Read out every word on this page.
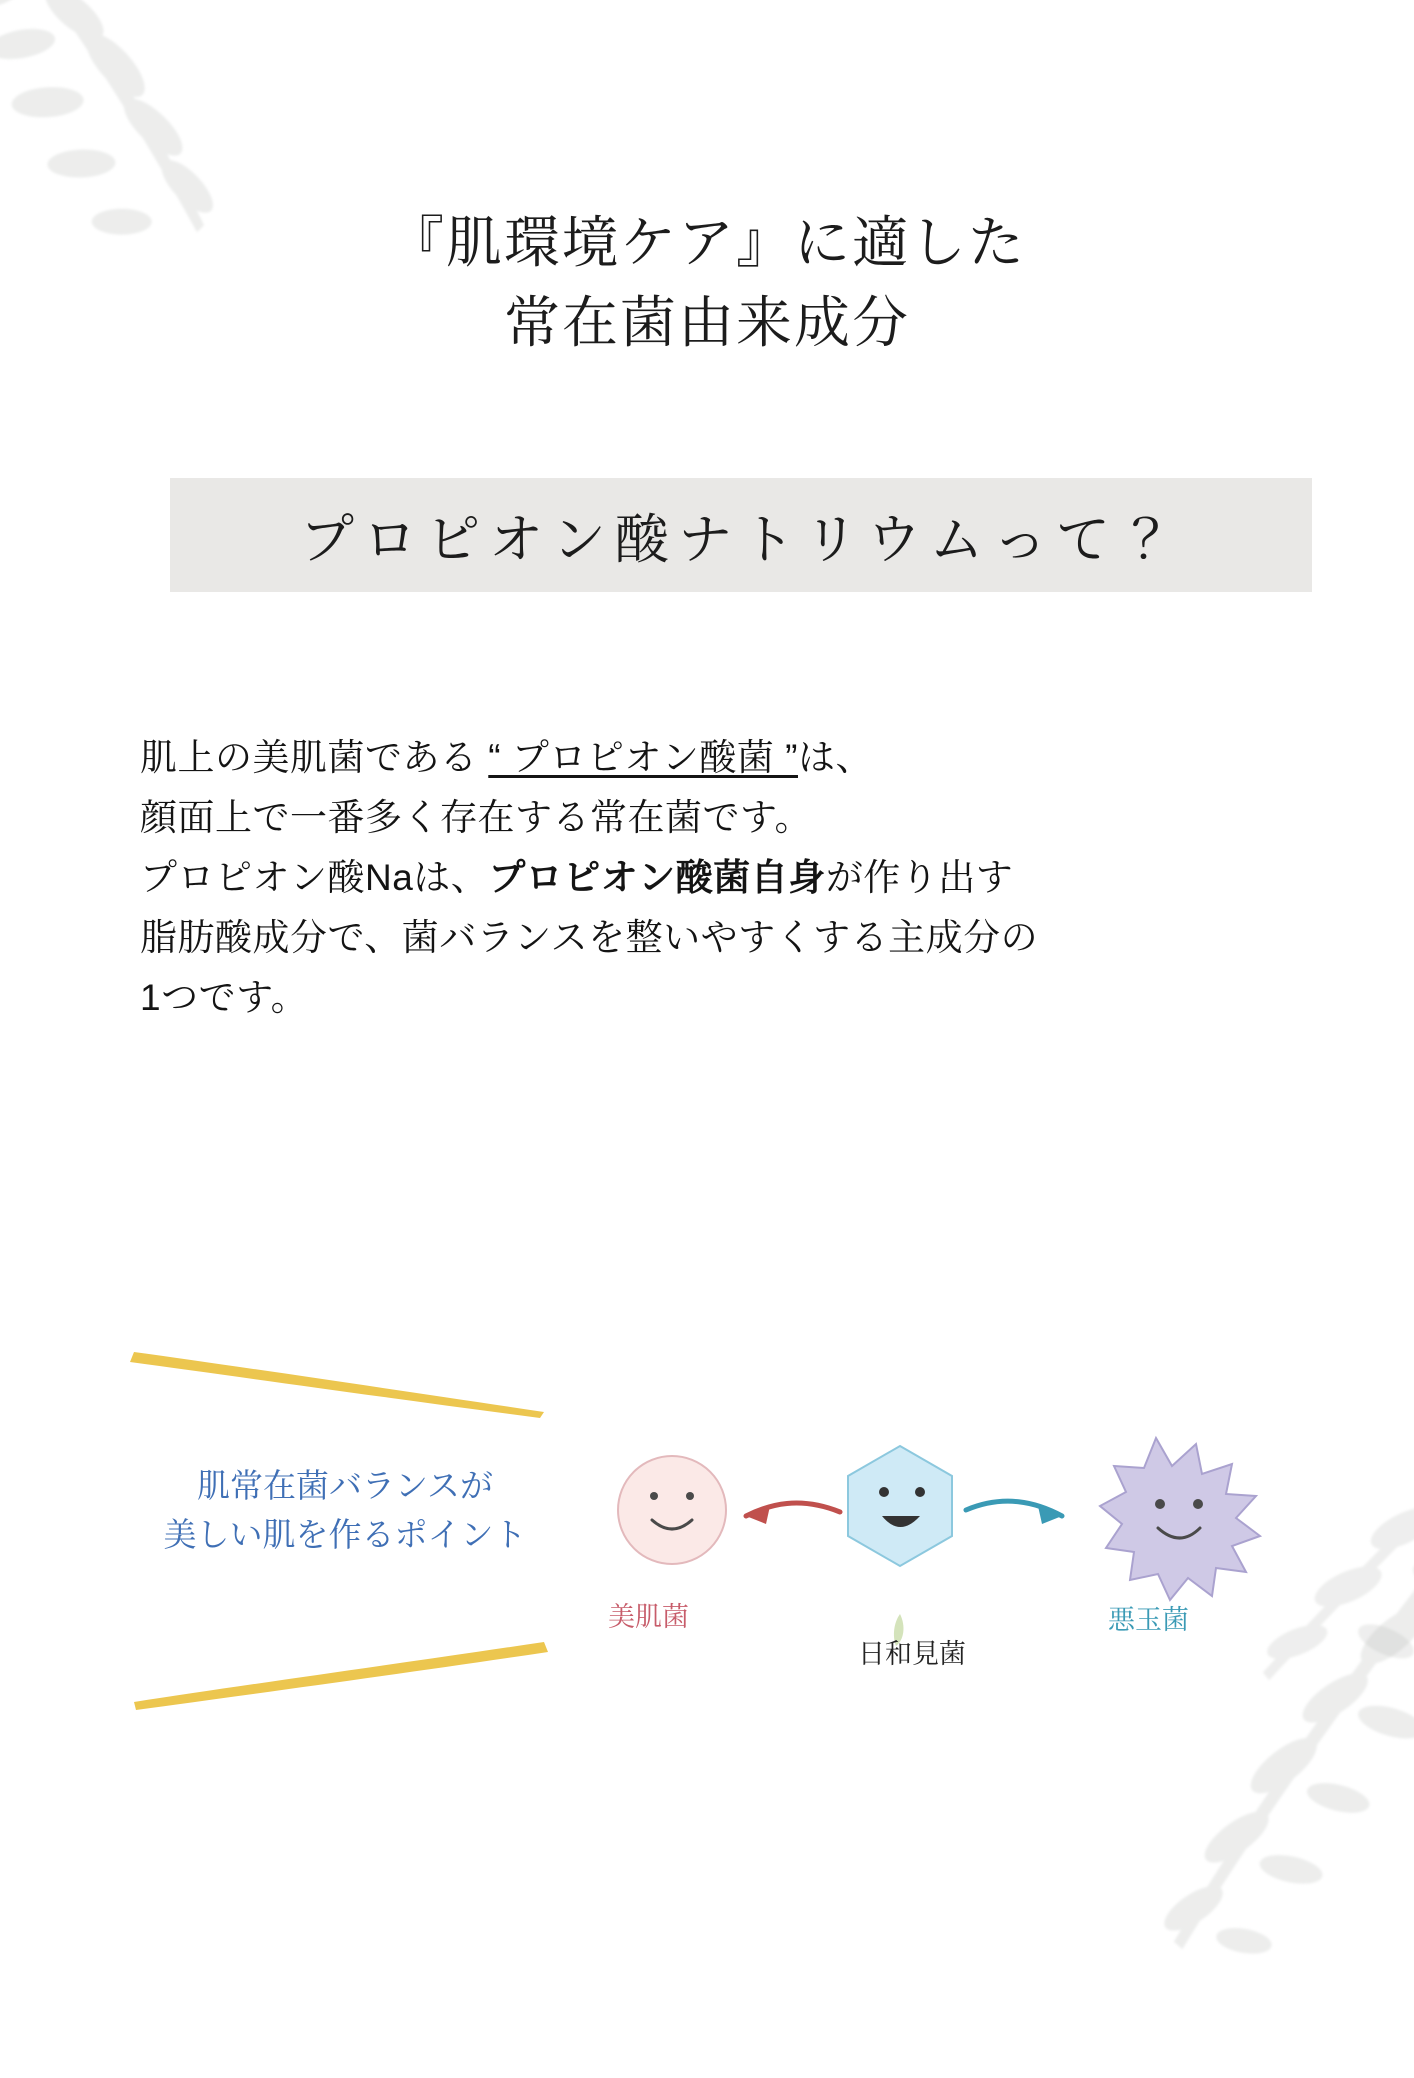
『肌環境ケア』に適した
常在菌由来成分
プロピオン酸ナトリウムって？
肌上の美肌菌である “ プロピオン酸菌 ”は、
顔面上で一番多く存在する常在菌です。
プロピオン酸Naは、プロピオン酸菌自身が作り出す
脂肪酸成分で、菌バランスを整いやすくする主成分の
1つです。
肌常在菌バランスが
美しい肌を作るポイント
美肌菌
日和見菌
悪玉菌
